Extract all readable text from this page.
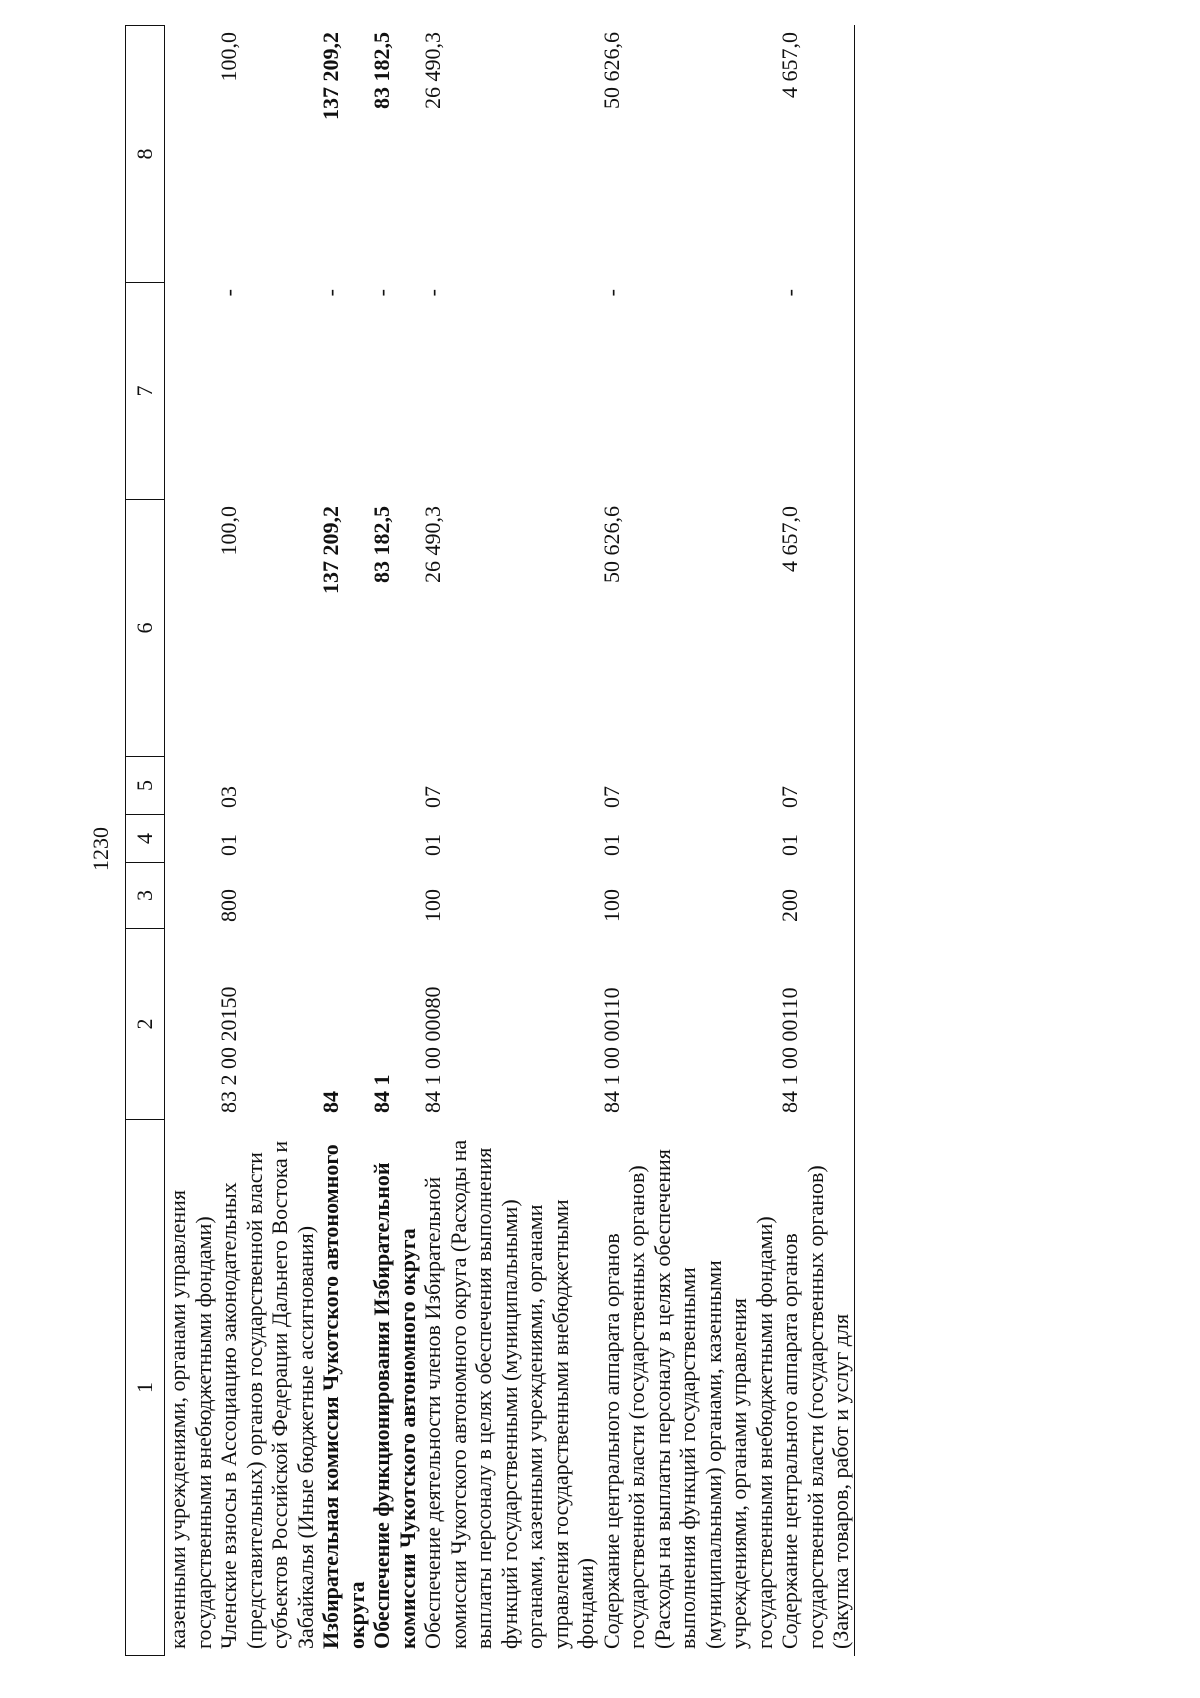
1230
1	2	3	4	5	6	7	8
казенными учреждениями, органами управления государственными внебюджетными фондами)							
Членские взносы в Ассоциацию законодательных (представительных) органов государственной власти субъектов Российской Федерации Дальнего Востока и Забайкалья (Иные бюджетные ассигнования)	83 2 00 20150	800	01	03	100,0	-	100,0
Избирательная комиссия Чукотского автономного округа	84				137 209,2	-	137 209,2
Обеспечение функционирования Избирательной комиссии Чукотского автономного округа	84 1				83 182,5	-	83 182,5
Обеспечение деятельности членов Избирательной комиссии Чукотского автономного округа (Расходы на выплаты персоналу в целях обеспечения выполнения функций государственными (муниципальными) органами, казенными учреждениями, органами управления государственными внебюджетными фондами)	84 1 00 00080	100	01	07	26 490,3	-	26 490,3
Содержание центрального аппарата органов государственной власти (государственных органов) (Расходы на выплаты персоналу в целях обеспечения выполнения функций государственными (муниципальными) органами, казенными учреждениями, органами управления государственными внебюджетными фондами)	84 1 00 00110	100	01	07	50 626,6	-	50 626,6
Содержание центрального аппарата органов государственной власти (государственных органов) (Закупка товаров, работ и услуг для	84 1 00 00110	200	01	07	4 657,0	-	4 657,0
